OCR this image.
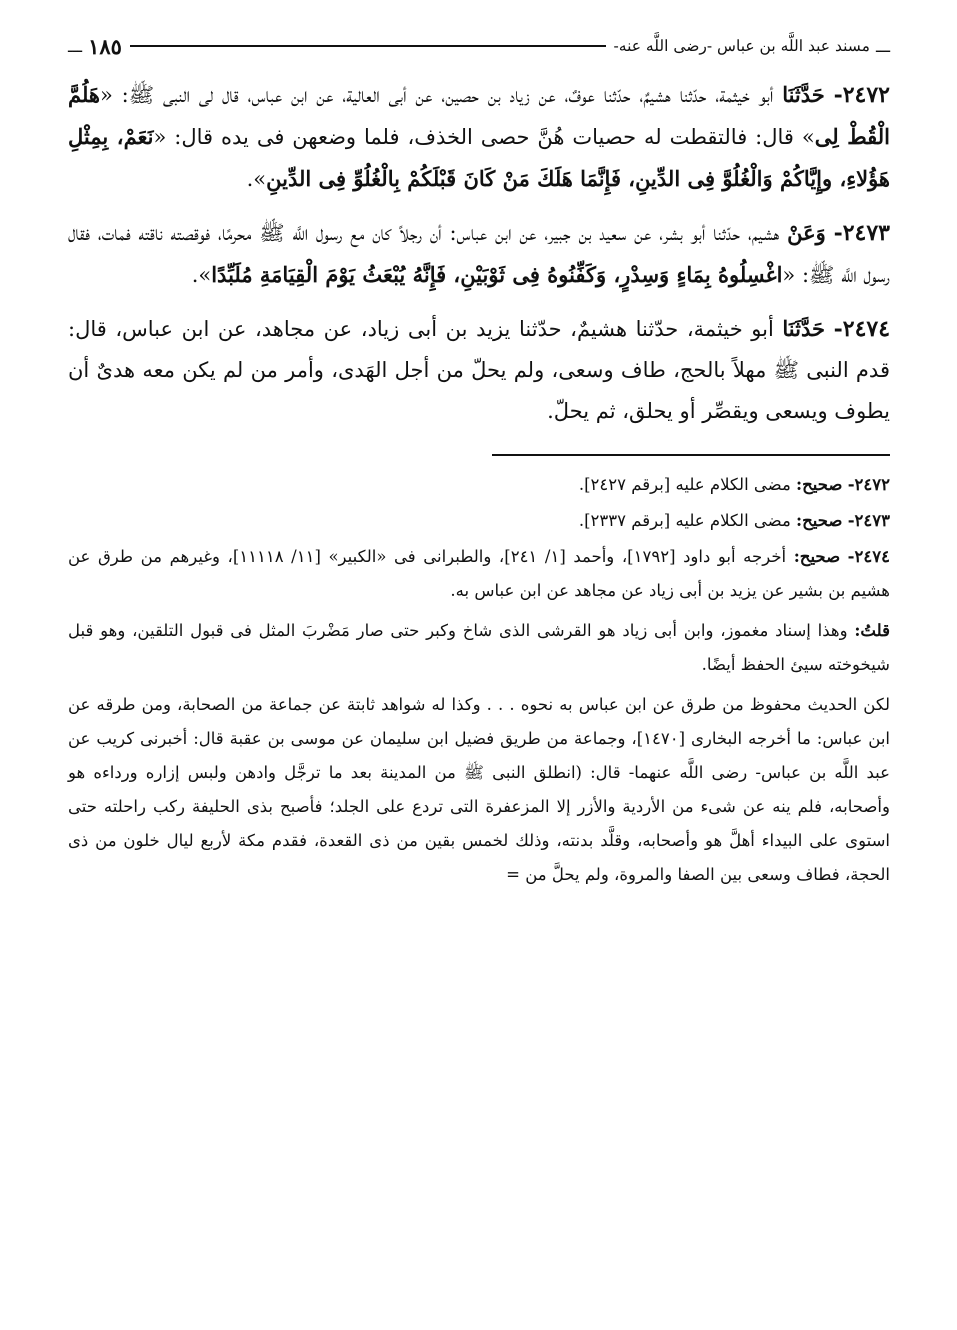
ـــ
مسند عبد اللَّه بن عباس -رضى اللَّه عنه-
١٨٥
ـــ
٢٤٧٢- حَدَّثَنَا أبو خيثمة، حدّثنا هشيمٌ، حدّثنا عوفٌ، عن زياد بن حصين، عن أبى العالية، عن ابن عباس، قال لى النبى ﷺ: «هَلُمَّ الْقُطْ لِى» قال: فالتقطت له حصيات هُنَّ حصى الخذف، فلما وضعهن فى يده قال: «نَعَمْ، بِمِثْلِ هَؤُلاءِ، وإِيَّاكُمْ وَالْغُلُوَّ فِى الدِّينِ، فَإِنَّمَا هَلَكَ مَنْ كَانَ قَبْلَكُمْ بِالْغُلُوِّ فِى الدِّينِ».
٢٤٧٣- وَعَنْ هشيم، حدّثنا أبو بشر، عن سعيد بن جبير، عن ابن عباس: أن رجلاً كان مع رسول اللَّه ﷺ محرمًا، فوقصته ناقته فمات، فقال رسول اللَّه ﷺ: «اغْسِلُوهُ بِمَاءٍ وَسِدْرٍ، وَكَفِّنُوهُ فِى ثَوْبَيْنِ، فَإِنَّهُ يُبْعَثُ يَوْمَ الْقِيَامَةِ مُلَبِّدًا».
٢٤٧٤- حَدَّثَنَا أبو خيثمة، حدّثنا هشيمٌ، حدّثنا يزيد بن أبى زياد، عن مجاهد، عن ابن عباس، قال: قدم النبى ﷺ مهلاً بالحج، طاف وسعى، ولم يحلّ من أجل الهَدى، وأمر من لم يكن معه هدىٌ أن يطوف ويسعى ويقصِّر أو يحلق، ثم يحلّ.
٢٤٧٢- صحيح: مضى الكلام عليه [برقم ٢٤٢٧].
٢٤٧٣- صحيح: مضى الكلام عليه [برقم ٢٣٣٧].
٢٤٧٤- صحيح: أخرجه أبو داود [١٧٩٢]، وأحمد [١/ ٢٤١]، والطبرانى فى «الكبير» [١١/ ١١١١٨]، وغيرهم من طرق عن هشيم بن بشير عن يزيد بن أبى زياد عن مجاهد عن ابن عباس به.
قلتُ: وهذا إسناد مغموز، وابن أبى زياد هو القرشى الذى شاخ وكبر حتى صار مَضْربَ المثل فى قبول التلقين، وهو قبل شيخوخته سيئ الحفظ أيضًا.
لكن الحديث محفوظ من طرق عن ابن عباس به نحوه . . . وكذا له شواهد ثابتة عن جماعة من الصحابة، ومن طرقه عن ابن عباس: ما أخرجه البخارى [١٤٧٠]، وجماعة من طريق فضيل ابن سليمان عن موسى بن عقبة قال: أخبرنى كريب عن عبد اللَّه بن عباس- رضى اللَّه عنهما- قال: (انطلق النبى ﷺ من المدينة بعد ما ترجَّل وادهن ولبس إزاره ورداءه هو وأصحابه، فلم ينه عن شىء من الأردية والأزر إلا المزعفرة التى تردع على الجلد؛ فأصبح بذى الحليفة ركب راحلته حتى استوى على البيداء أهلَّ هو وأصحابه، وقلَّد بدنته، وذلك لخمس بقين من ذى القعدة، فقدم مكة لأربع ليال خلون من ذى الحجة، فطاف وسعى بين الصفا والمروة، ولم يحلَّ من =
